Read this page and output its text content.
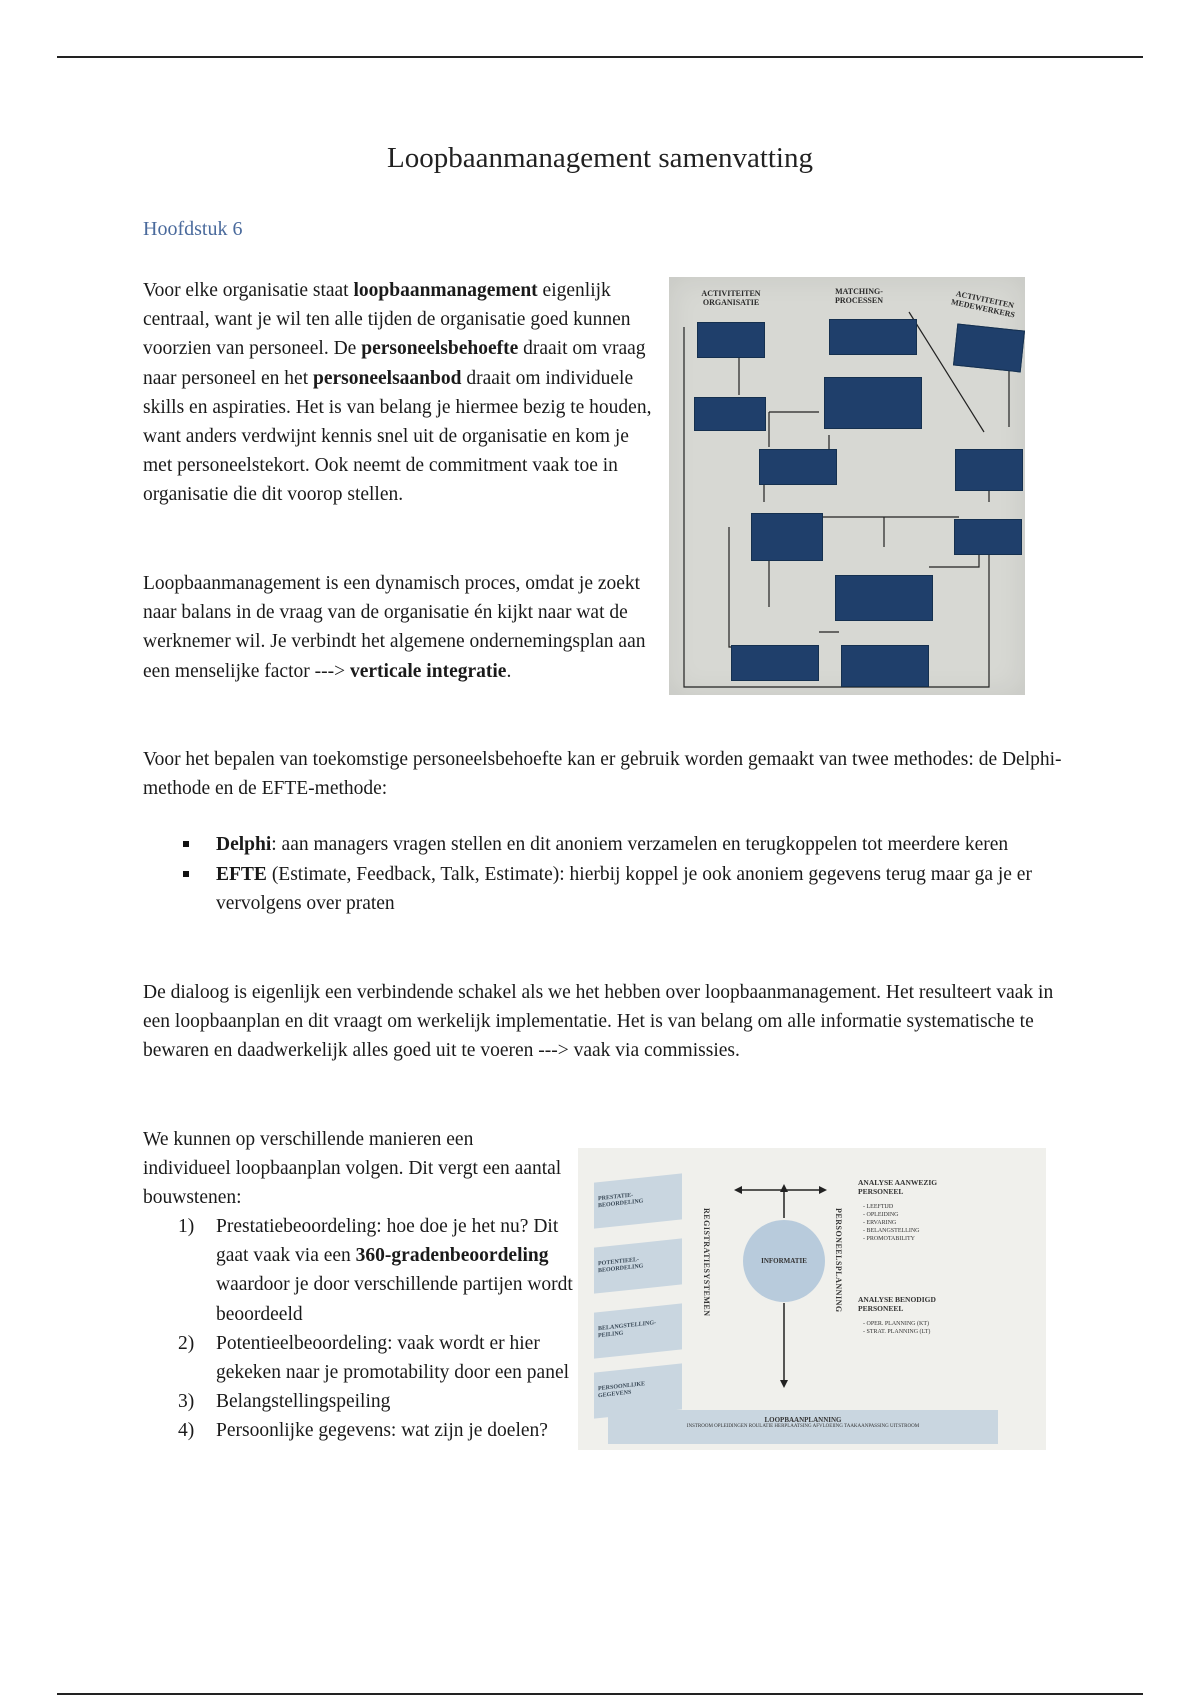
Loopbaanmanagement samenvatting
Hoofdstuk 6

Voor elke organisatie staat loopbaanmanagement eigenlijk centraal, want je wil ten alle tijden de organisatie goed kunnen voorzien van personeel. De personeelsbehoefte draait om vraag naar personeel en het personeelsaanbod draait om individuele skills en aspiraties. Het is van belang je hiermee bezig te houden, want anders verdwijnt kennis snel uit de organisatie en kom je met personeelstekort. Ook neemt de commitment vaak toe in organisatie die dit voorop stellen.

Loopbaanmanagement is een dynamisch proces, omdat je zoekt naar balans in de vraag van de organisatie én kijkt naar wat de werknemer wil. Je verbindt het algemene ondernemingsplan aan een menselijke factor ---> verticale integratie.

Voor het bepalen van toekomstige personeelsbehoefte kan er gebruik worden gemaakt van twee methodes: de Delphi-methode en de EFTE-methode:

Delphi: aan managers vragen stellen en dit anoniem verzamelen en terugkoppelen tot meerdere keren
EFTE (Estimate, Feedback, Talk, Estimate): hierbij koppel je ook anoniem gegevens terug maar ga je er vervolgens over praten

De dialoog is eigenlijk een verbindende schakel als we het hebben over loopbaanmanagement. Het resulteert vaak in een loopbaanplan en dit vraagt om werkelijk implementatie. Het is van belang om alle informatie systematische te bewaren en daadwerkelijk alles goed uit te voeren ---> vaak via commissies.

We kunnen op verschillende manieren een individueel loopbaanplan volgen. Dit vergt een aantal bouwstenen:

1) Prestatiebeoordeling: hoe doe je het nu? Dit gaat vaak via een 360-gradenbeoordeling waardoor je door verschillende partijen wordt beoordeeld
2) Potentieelbeoordeling: vaak wordt er hier gekeken naar je promotability door een panel
3) Belangstellingspeiling
4) Persoonlijke gegevens: wat zijn je doelen?
ACTIVITEITEN ORGANISATIE
MATCHING-PROCESSEN	ACTIVITEITEN MEDEWERKERS
PRESTATIE-BEOORDELING
POTENTIEEL-BEOORDELING
BELANGSTELLING-PEILING
PERSOONLIJKE GEGEVENS
REGISTRATIESYSTEMEN	PERSONEELSPLANNING
INFORMATIE
ANALYSE AANWEZIG PERSONEEL
- LEEFTIJD
- OPLEIDING
- ERVARING
- BELANGSTELLING
- PROMOTABILITY
ANALYSE BENODIGD PERSONEEL
- OPER. PLANNING (KT)
- STRAT. PLANNING (LT)
LOOPBAANPLANNING
INSTROOM OPLEIDINGEN ROULATIE HERPLAATSING AFVLOEIING TAAKAANPASSING UITSTROOM
